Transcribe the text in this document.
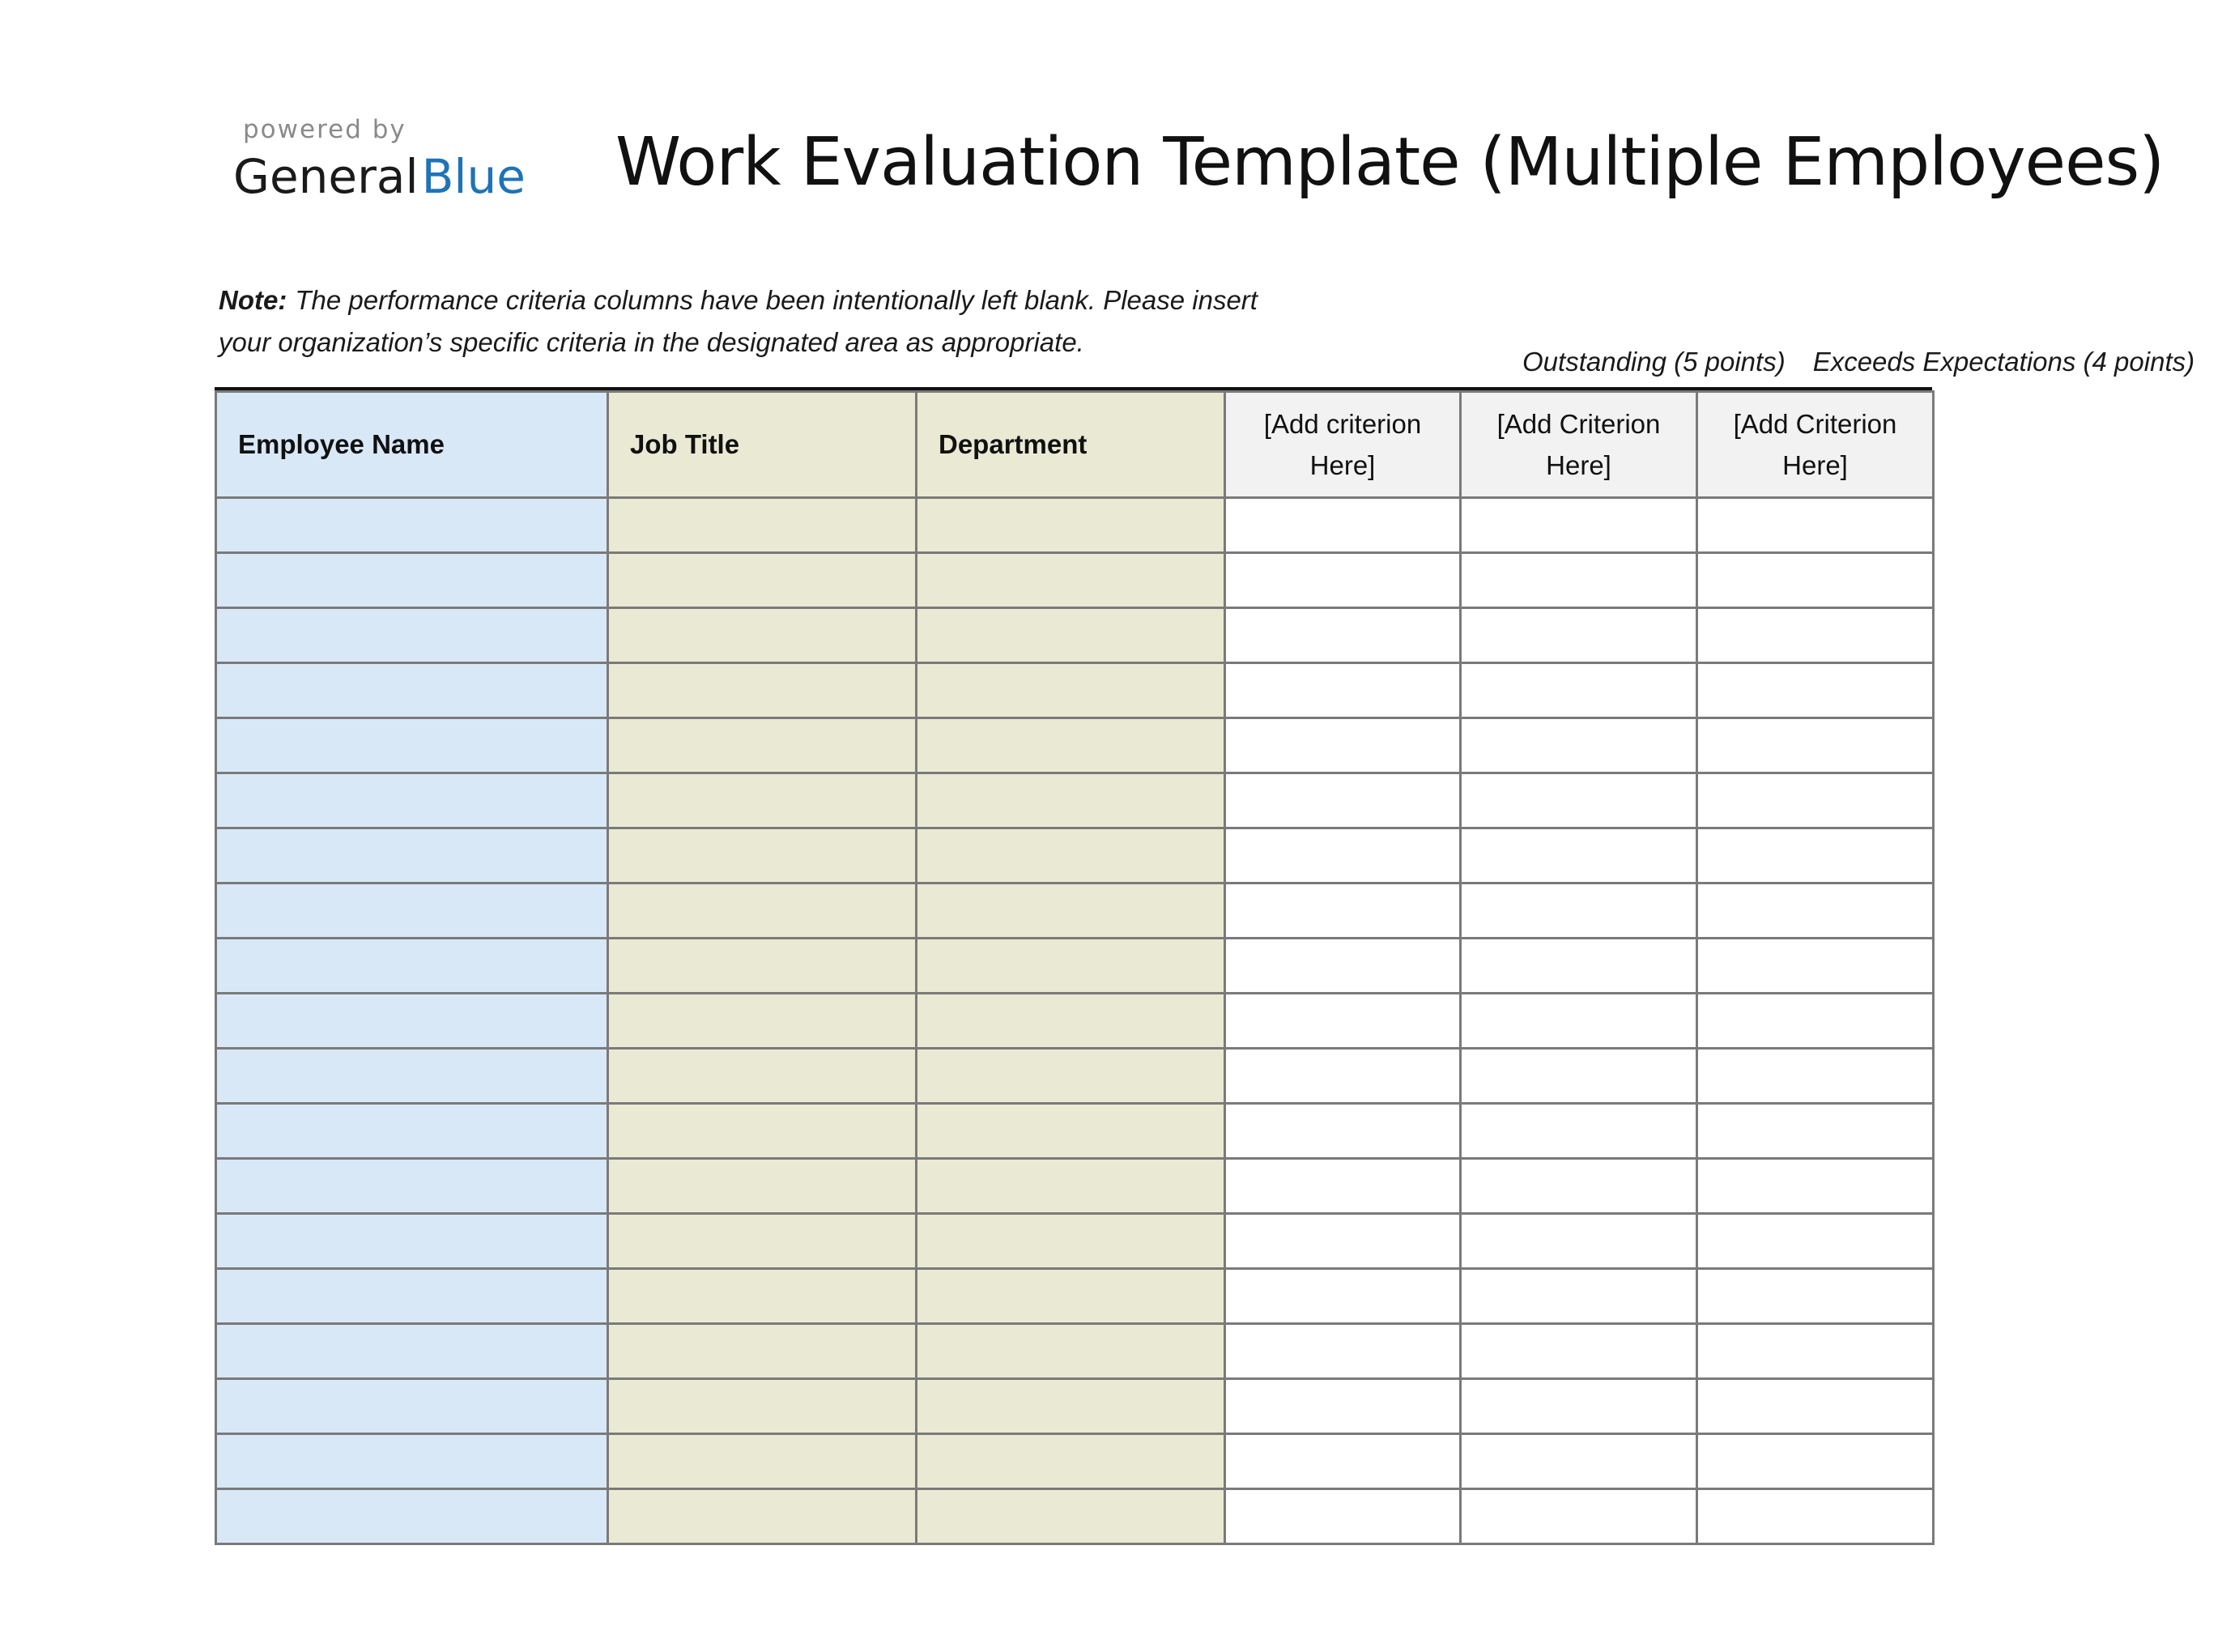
powered by
GeneralBlue Work Evaluation Template (Multiple Employees)
Note: The performance criteria columns have been intentionally left blank. Please insert your organization’s specific criteria in the designated area as appropriate.
Outstanding (5 points) Exceeds Expectations (4 points)
Employee Name	Job Title	Department	[Add criterion Here]	[Add Criterion Here]	[Add Criterion Here]
